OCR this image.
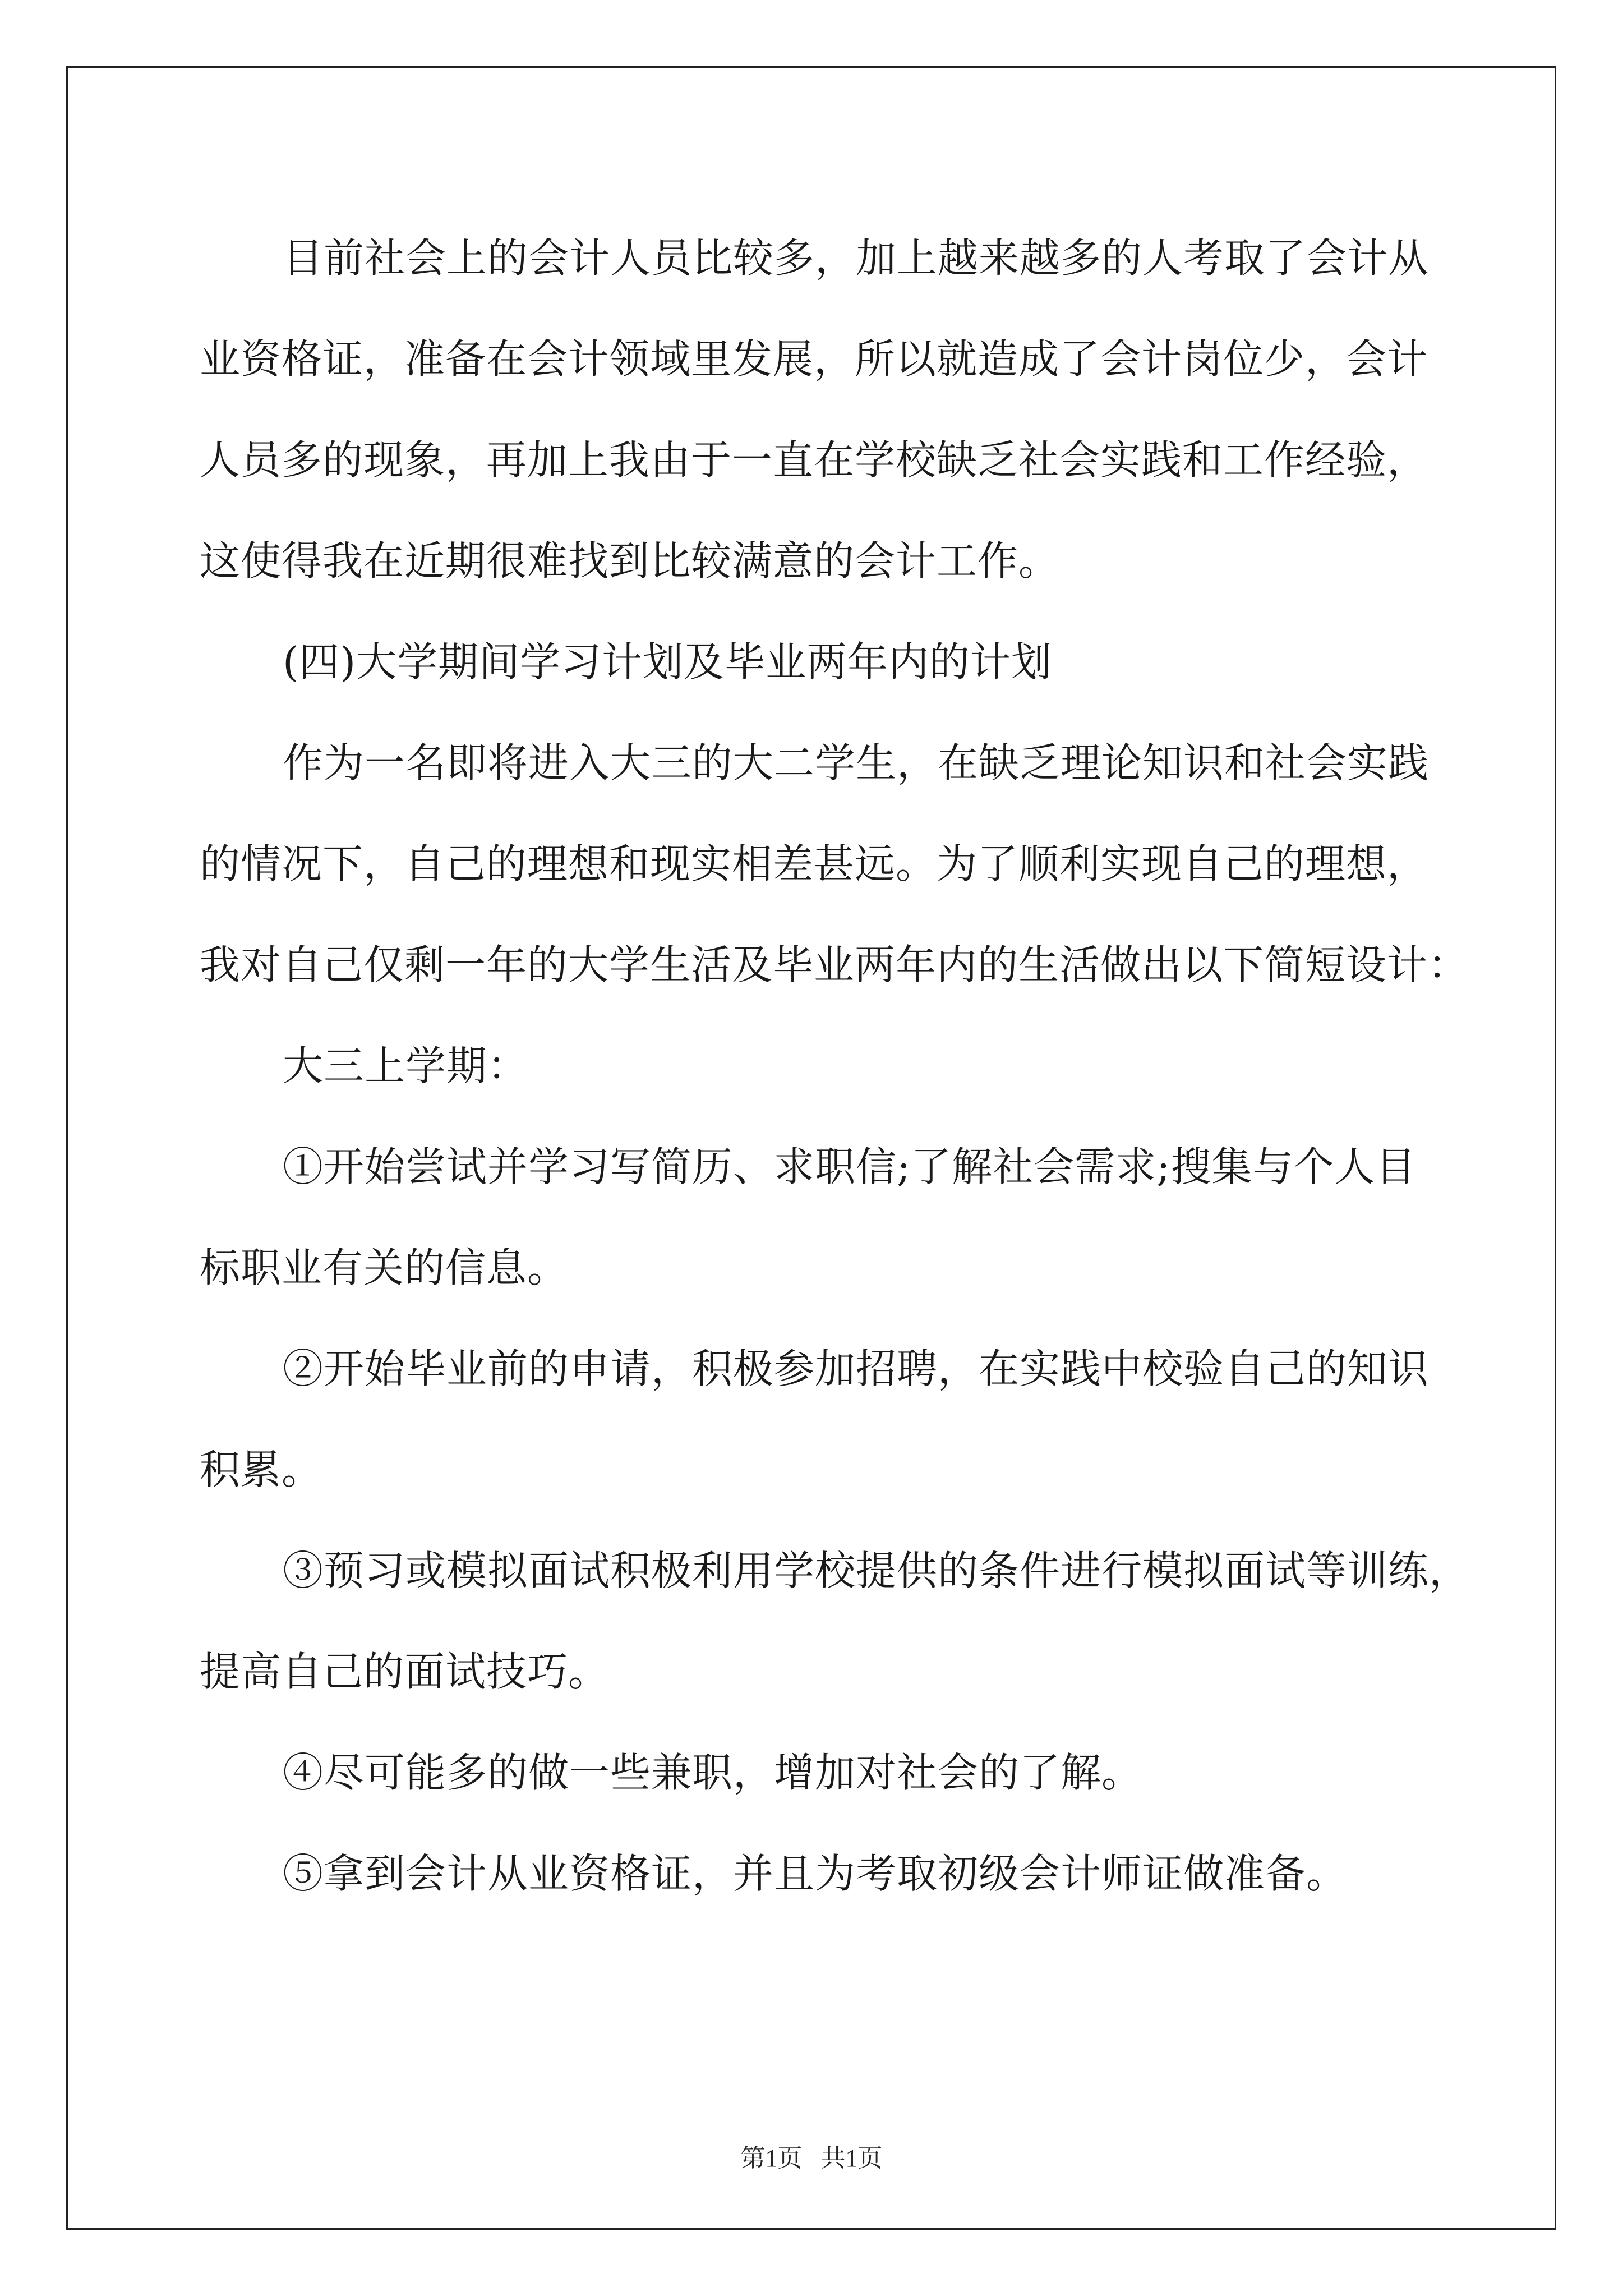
目前社会上的会计人员比较多，加上越来越多的人考取了会计从
业资格证，准备在会计领域里发展，所以就造成了会计岗位少，会计
人员多的现象，再加上我由于一直在学校缺乏社会实践和工作经验，
这使得我在近期很难找到比较满意的会计工作。
(四)大学期间学习计划及毕业两年内的计划
作为一名即将进入大三的大二学生，在缺乏理论知识和社会实践
的情况下，自己的理想和现实相差甚远。为了顺利实现自己的理想，
我对自己仅剩一年的大学生活及毕业两年内的生活做出以下简短设计：
大三上学期：
①开始尝试并学习写简历、求职信;了解社会需求;搜集与个人目
标职业有关的信息。
②开始毕业前的申请，积极参加招聘，在实践中校验自己的知识
积累。
③预习或模拟面试积极利用学校提供的条件进行模拟面试等训练，
提高自己的面试技巧。
④尽可能多的做一些兼职，增加对社会的了解。
⑤拿到会计从业资格证，并且为考取初级会计师证做准备。
第1页   共1页
